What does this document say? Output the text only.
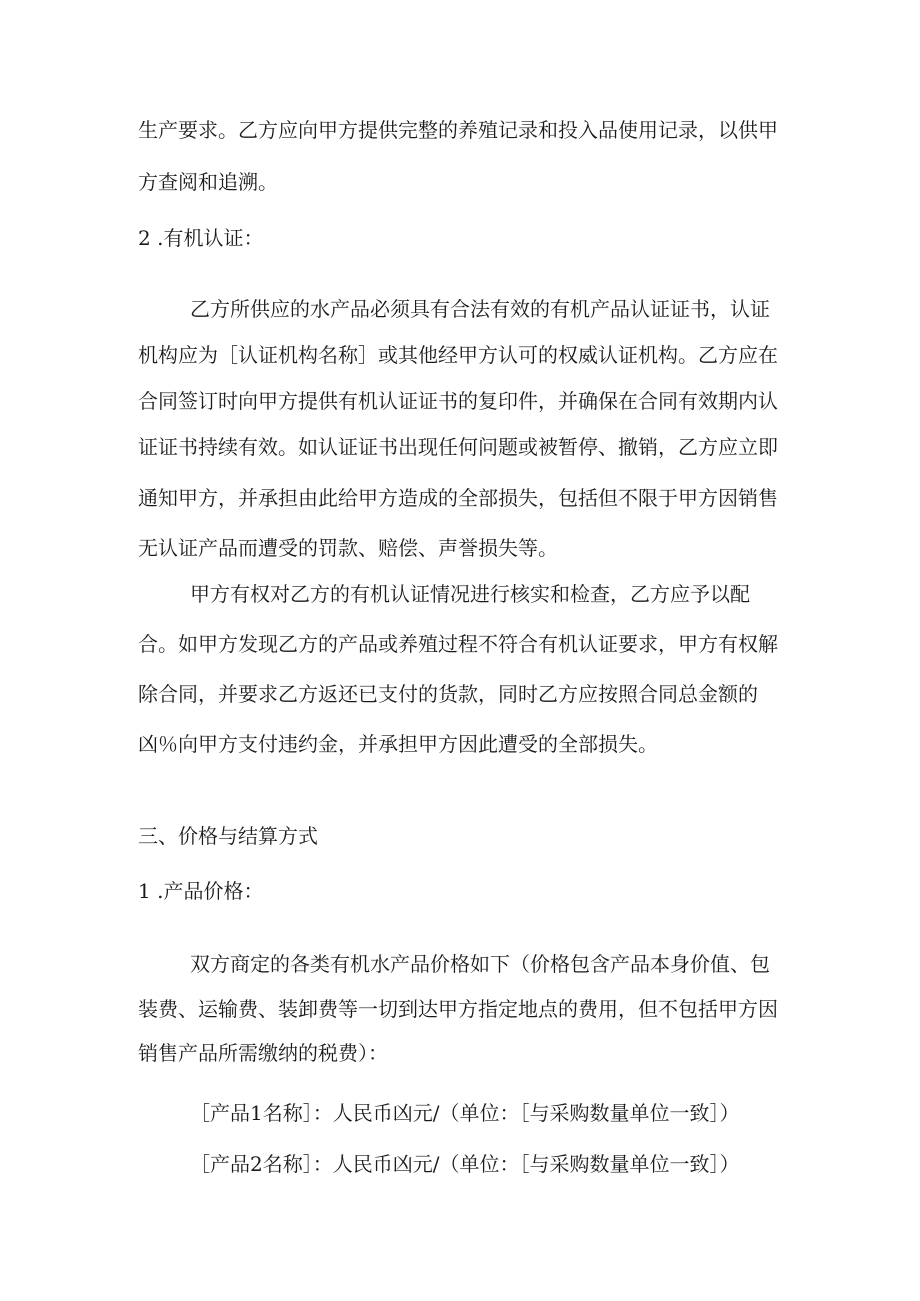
生产要求。乙方应向甲方提供完整的养殖记录和投入品使用记录，以供甲

方查阅和追溯。

2 .有机认证：

乙方所供应的水产品必须具有合法有效的有机产品认证证书，认证

机构应为［认证机构名称］或其他经甲方认可的权威认证机构。乙方应在

合同签订时向甲方提供有机认证证书的复印件，并确保在合同有效期内认

证证书持续有效。如认证证书出现任何问题或被暂停、撤销，乙方应立即

通知甲方，并承担由此给甲方造成的全部损失，包括但不限于甲方因销售

无认证产品而遭受的罚款、赔偿、声誉损失等。

甲方有权对乙方的有机认证情况进行核实和检查，乙方应予以配

合。如甲方发现乙方的产品或养殖过程不符合有机认证要求，甲方有权解

除合同，并要求乙方返还已支付的货款，同时乙方应按照合同总金额的

凶％向甲方支付违约金，并承担甲方因此遭受的全部损失。

三、价格与结算方式

1 .产品价格：

双方商定的各类有机水产品价格如下（价格包含产品本身价值、包

装费、运输费、装卸费等一切到达甲方指定地点的费用，但不包括甲方因

销售产品所需缴纳的税费）：

［产品1名称］：人民币凶元/（单位：［与采购数量单位一致］）

［产品2名称］：人民币凶元/（单位：［与采购数量单位一致］）
